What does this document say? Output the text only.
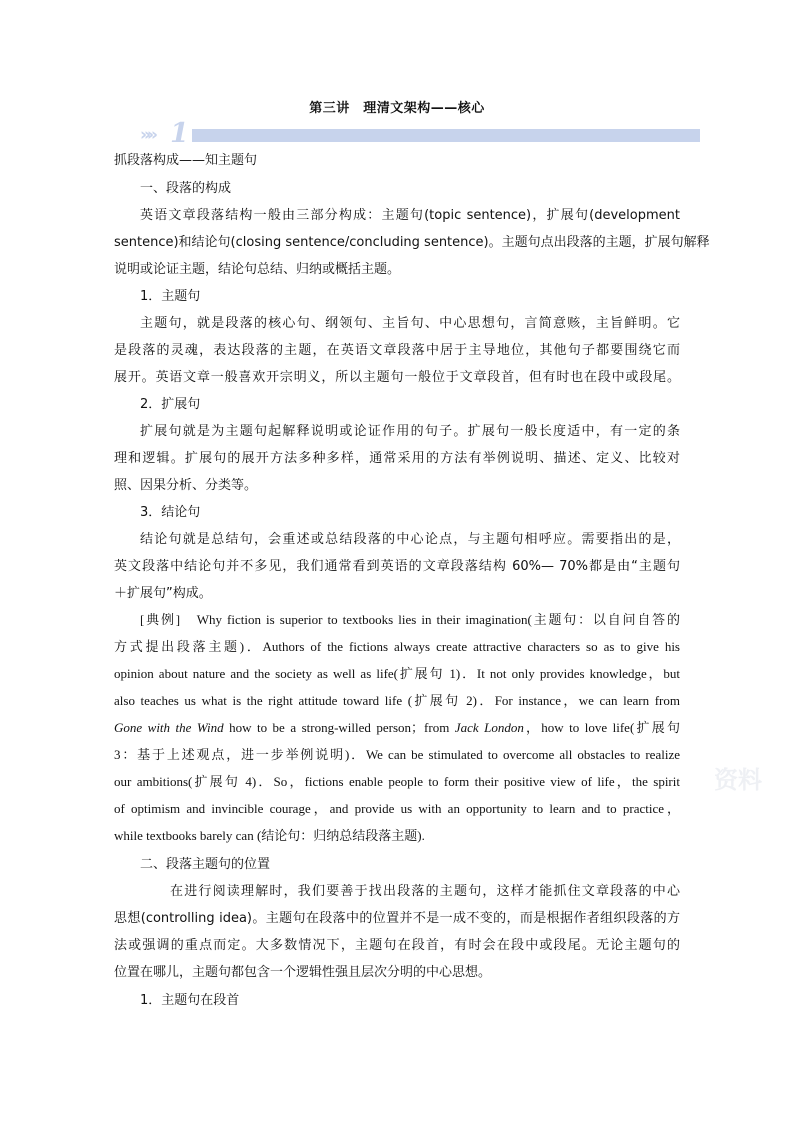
第三讲　理清文架构——核心
»» 1
抓段落构成——知主题句
一、段落的构成
英语文章段落结构一般由三部分构成：主题句(topic sentence)，扩展句(development
sentence)和结论句(closing sentence/concluding sentence)。主题句点出段落的主题，扩展句解释
说明或论证主题，结论句总结、归纳或概括主题。
1．主题句
主题句，就是段落的核心句、纲领句、主旨句、中心思想句，言简意赅，主旨鲜明。它
是段落的灵魂，表达段落的主题，在英语文章段落中居于主导地位，其他句子都要围绕它而
展开。英语文章一般喜欢开宗明义，所以主题句一般位于文章段首，但有时也在段中或段尾。
2．扩展句
扩展句就是为主题句起解释说明或论证作用的句子。扩展句一般长度适中，有一定的条
理和逻辑。扩展句的展开方法多种多样，通常采用的方法有举例说明、描述、定义、比较对
照、因果分析、分类等。
3．结论句
结论句就是总结句，会重述或总结段落的中心论点，与主题句相呼应。需要指出的是，
英文段落中结论句并不多见，我们通常看到英语的文章段落结构 60%— 70%都是由“主题句
＋扩展句”构成。
[典例]　Why fiction is superior to textbooks lies in their imagination(主题句：以自问自答的
方式提出段落主题)．Authors of the fictions always create attractive characters so as to give his
opinion about nature and the society as well as life(扩展句 1)．It not only provides knowledge，but
also teaches us what is the right attitude toward life (扩展句 2)．For instance，we can learn from
Gone with the Wind how to be a strong-willed person；from Jack London，how to love life(扩展句
3：基于上述观点，进一步举例说明)．We can be stimulated to overcome all obstacles to realize
our ambitions(扩展句 4)．So，fictions enable people to form their positive view of life，the spirit
of optimism and invincible courage，and provide us with an opportunity to learn and to practice，
while textbooks barely can (结论句：归纳总结段落主题).
资料
二、段落主题句的位置
在进行阅读理解时，我们要善于找出段落的主题句，这样才能抓住文章段落的中心
思想(controlling idea)。主题句在段落中的位置并不是一成不变的，而是根据作者组织段落的方
法或强调的重点而定。大多数情况下，主题句在段首，有时会在段中或段尾。无论主题句的
位置在哪儿，主题句都包含一个逻辑性强且层次分明的中心思想。
1．主题句在段首
